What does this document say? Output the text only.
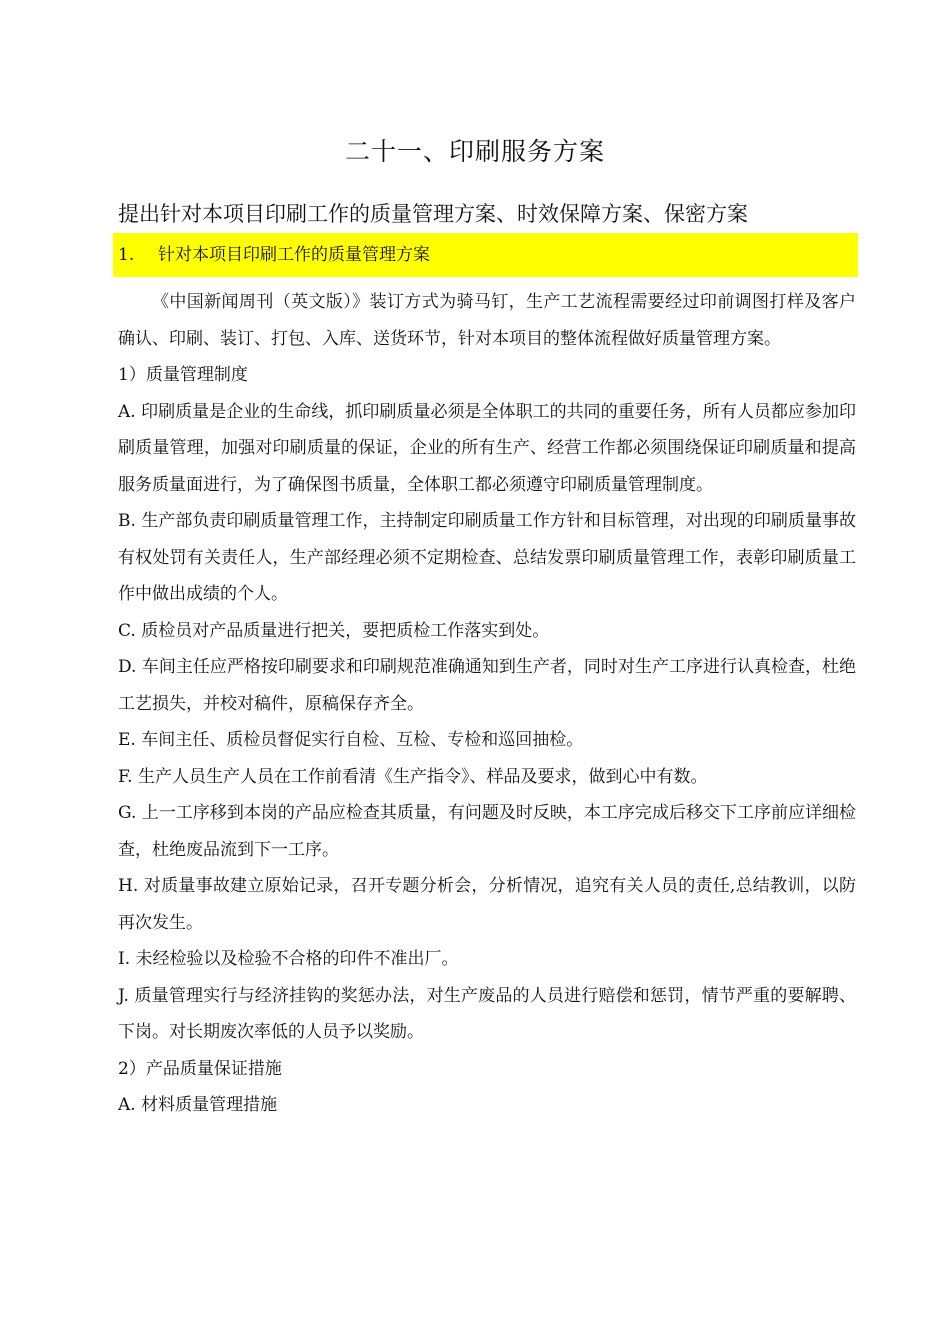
二十一、印刷服务方案
提出针对本项目印刷工作的质量管理方案、时效保障方案、保密方案
1. 针对本项目印刷工作的质量管理方案

《中国新闻周刊（英文版）》装订方式为骑马钉，生产工艺流程需要经过印前调图打样及客户确认、印刷、装订、打包、入库、送货环节，针对本项目的整体流程做好质量管理方案。

1）质量管理制度

A. 印刷质量是企业的生命线，抓印刷质量必须是全体职工的共同的重要任务，所有人员都应参加印刷质量管理，加强对印刷质量的保证，企业的所有生产、经营工作都必须围绕保证印刷质量和提高服务质量面进行，为了确保图书质量，全体职工都必须遵守印刷质量管理制度。

B. 生产部负责印刷质量管理工作，主持制定印刷质量工作方针和目标管理，对出现的印刷质量事故有权处罚有关责任人，生产部经理必须不定期检查、总结发票印刷质量管理工作，表彰印刷质量工作中做出成绩的个人。

C. 质检员对产品质量进行把关，要把质检工作落实到处。

D. 车间主任应严格按印刷要求和印刷规范准确通知到生产者，同时对生产工序进行认真检查，杜绝工艺损失，并校对稿件，原稿保存齐全。

E. 车间主任、质检员督促实行自检、互检、专检和巡回抽检。

F. 生产人员生产人员在工作前看清《生产指令》、样品及要求，做到心中有数。

G. 上一工序移到本岗的产品应检查其质量，有问题及时反映，本工序完成后移交下工序前应详细检查，杜绝废品流到下一工序。

H. 对质量事故建立原始记录，召开专题分析会，分析情况，追究有关人员的责任,总结教训，以防再次发生。

I. 未经检验以及检验不合格的印件不准出厂。

J. 质量管理实行与经济挂钩的奖惩办法，对生产废品的人员进行赔偿和惩罚，情节严重的要解聘、下岗。对长期废次率低的人员予以奖励。

2）产品质量保证措施

A. 材料质量管理措施
